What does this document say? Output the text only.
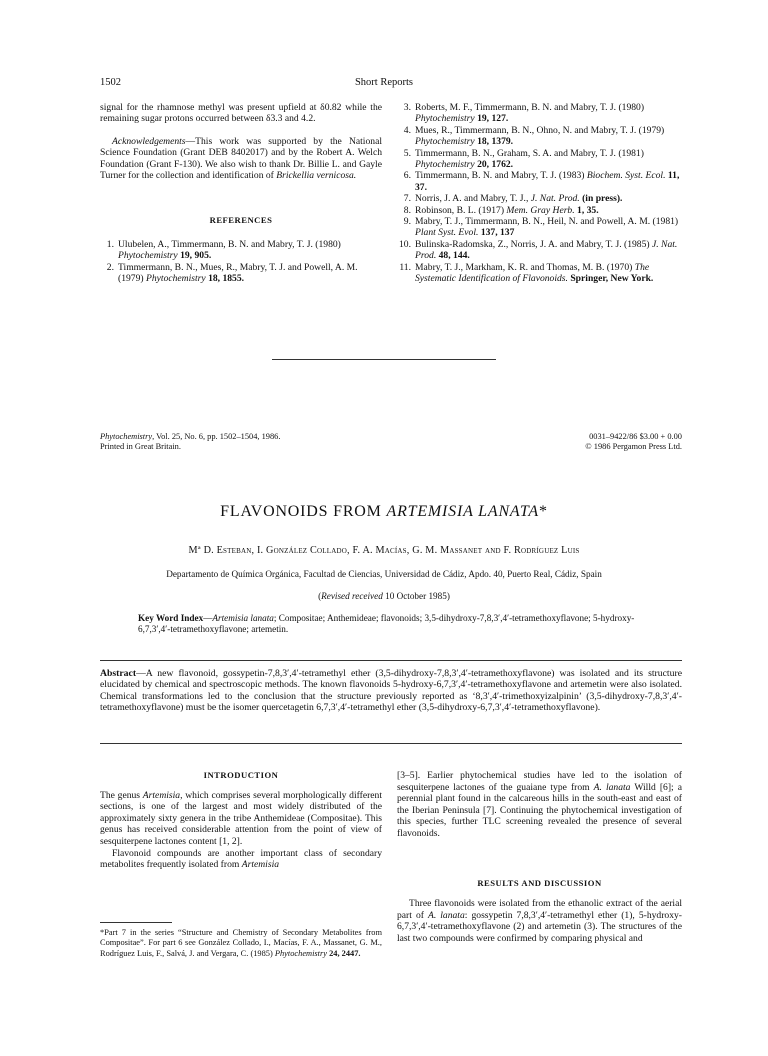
1502	Short Reports

signal for the rhamnose methyl was present upfield at δ0.82 while the remaining sugar protons occurred between δ3.3 and 4.2.

Acknowledgements—This work was supported by the National Science Foundation (Grant DEB 8402017) and by the Robert A. Welch Foundation (Grant F-130). We also wish to thank Dr. Billie L. and Gayle Turner for the collection and identification of Brickellia vernicosa.

REFERENCES
1. Ulubelen, A., Timmermann, B. N. and Mabry, T. J. (1980) Phytochemistry 19, 905.
2. Timmermann, B. N., Mues, R., Mabry, T. J. and Powell, A. M. (1979) Phytochemistry 18, 1855.
3. Roberts, M. F., Timmermann, B. N. and Mabry, T. J. (1980) Phytochemistry 19, 127.
4. Mues, R., Timmermann, B. N., Ohno, N. and Mabry, T. J. (1979) Phytochemistry 18, 1379.
5. Timmermann, B. N., Graham, S. A. and Mabry, T. J. (1981) Phytochemistry 20, 1762.
6. Timmermann, B. N. and Mabry, T. J. (1983) Biochem. Syst. Ecol. 11, 37.
7. Norris, J. A. and Mabry, T. J., J. Nat. Prod. (in press).
8. Robinson, B. L. (1917) Mem. Gray Herb. 1, 35.
9. Mabry, T. J., Timmermann, B. N., Heil, N. and Powell, A. M. (1981) Plant Syst. Evol. 137, 137
10. Bulinska-Radomska, Z., Norris, J. A. and Mabry, T. J. (1985) J. Nat. Prod. 48, 144.
11. Mabry, T. J., Markham, K. R. and Thomas, M. B. (1970) The Systematic Identification of Flavonoids. Springer, New York.
Phytochemistry, Vol. 25, No. 6, pp. 1502–1504, 1986.
Printed in Great Britain.
0031–9422/86 $3.00 + 0.00
© 1986 Pergamon Press Ltd.
FLAVONOIDS FROM ARTEMISIA LANATA*
Mª D. Esteban, I. González Collado, F. A. Macías, G. M. Massanet and F. Rodríguez Luis
Departamento de Química Orgánica, Facultad de Ciencias, Universidad de Cádiz, Apdo. 40, Puerto Real, Cádiz, Spain
(Revised received 10 October 1985)
Key Word Index—Artemisia lanata; Compositae; Anthemideae; flavonoids; 3,5-dihydroxy-7,8,3′,4′-tetramethoxyflavone; 5-hydroxy-6,7,3′,4′-tetramethoxyflavone; artemetin.
Abstract—A new flavonoid, gossypetin-7,8,3′,4′-tetramethyl ether (3,5-dihydroxy-7,8,3′,4′-tetramethoxyflavone) was isolated and its structure elucidated by chemical and spectroscopic methods. The known flavonoids 5-hydroxy-6,7,3′,4′-tetramethoxyflavone and artemetin were also isolated. Chemical transformations led to the conclusion that the structure previously reported as ‘8,3′,4′-trimethoxyizalpinin’ (3,5-dihydroxy-7,8,3′,4′-tetramethoxyflavone) must be the isomer quercetagetin 6,7,3′,4′-tetramethyl ether (3,5-dihydroxy-6,7,3′,4′-tetramethoxyflavone).
INTRODUCTION

The genus Artemisia, which comprises several morphologically different sections, is one of the largest and most widely distributed of the approximately sixty genera in the tribe Anthemideae (Compositae). This genus has received considerable attention from the point of view of sesquiterpene lactones content [1, 2].

Flavonoid compounds are another important class of secondary metabolites frequently isolated from Artemisia

*Part 7 in the series “Structure and Chemistry of Secondary Metabolites from Compositae”. For part 6 see González Collado, I., Macías, F. A., Massanet, G. M., Rodríguez Luis, F., Salvá, J. and Vergara, C. (1985) Phytochemistry 24, 2447.

[3–5]. Earlier phytochemical studies have led to the isolation of sesquiterpene lactones of the guaiane type from A. lanata Willd [6]; a perennial plant found in the calcareous hills in the south-east and east of the Iberian Peninsula [7]. Continuing the phytochemical investigation of this species, further TLC screening revealed the presence of several flavonoids.

RESULTS AND DISCUSSION

Three flavonoids were isolated from the ethanolic extract of the aerial part of A. lanata: gossypetin 7,8,3′,4′-tetramethyl ether (1), 5-hydroxy-6,7,3′,4′-tetramethoxyflavone (2) and artemetin (3). The structures of the last two compounds were confirmed by comparing physical and
